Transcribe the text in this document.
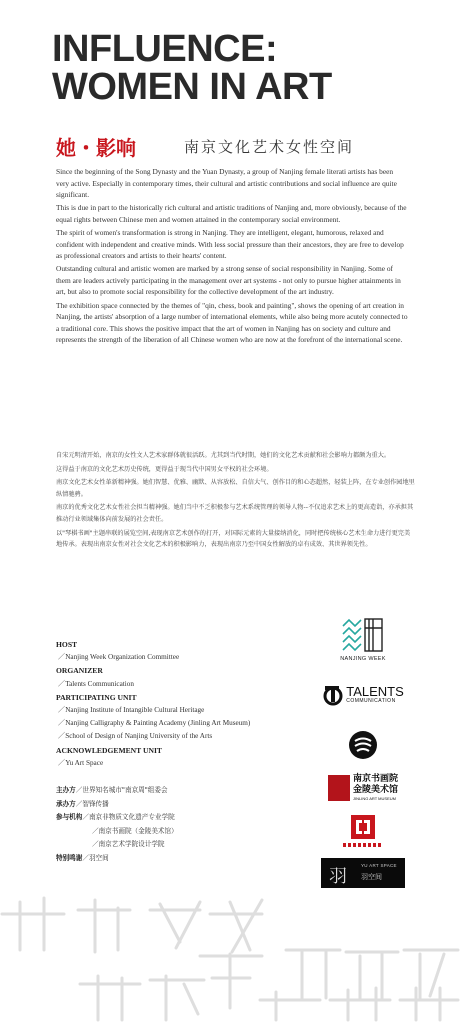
INFLUENCE:
WOMEN IN ART
她・影响	南京文化艺术女性空间

Since the beginning of the Song Dynasty and the Yuan Dynasty, a group of Nanjing female literati artists has been very active. Especially in contemporary times, their cultural and artistic contributions and social influence are quite significant.

This is due in part to the historically rich cultural and artistic traditions of Nanjing and, more obviously, because of the equal rights between Chinese men and women attained in the contemporary social environment.

The spirit of women's transformation is strong in Nanjing. They are intelligent, elegant, humorous, relaxed and confident with independent and creative minds. With less social pressure than their ancestors, they are free to develop as professional creators and artists to their hearts' content.

Outstanding cultural and artistic women are marked by a strong sense of social responsibility in Nanjing. Some of them are leaders actively participating in the management over art systems - not only to pursue higher attainments in art, but also to promote social responsibility for the collective development of the art industry.

The exhibition space connected by the themes of "qin, chess, book and painting", shows the opening of art creation in Nanjing, the artists' absorption of a large number of international elements, while also being more acutely connected to a traditional core. This shows the positive impact that the art of women in Nanjing has on society and culture and represents the strength of the liberation of all Chinese women who are now at the forefront of the international scene.

自宋元明清开始，南京的女性文人艺术家群体就很活跃。尤其到当代时期，她们的文化艺术贡献和社会影响力都颇为重大。

这得益于南京的文化艺术历史传统，更得益于现当代中国男女平权的社会环境。

南京文化艺术女性革新精神强。她们智慧、优雅、幽默、从容放松、自信大气、创作目的和心态超然，轻装上阵，在专业创作园地里纵情驰骋。

南京的优秀文化艺术女性社会担当精神强。她们当中不乏积极参与艺术系统管理的领导人物--不仅追求艺术上的更高造诣，亦承担其推动行业领域集体向前发展的社会责任。

以"琴棋书画"主题串联的展览空间,表现南京艺术创作的打开，对国际元素的大量接纳消化，同时把传统核心艺术生命力进行更完美地传承。表现出南京女性对社会文化艺术的积极影响力，表现出南京乃至中国女性解放的卓有成效、其世界领先性。

HOST
／Nanjing Week Organization Committee
ORGANIZER
／Talents Communication
PARTICIPATING UNIT
／Nanjing Institute of Intangible Cultural Heritage
／Nanjing Calligraphy & Painting Academy (Jinling Art Museum)
／School of Design of Nanjing University of the Arts
ACKNOWLEDGEMENT UNIT
／Yu Art Space
主办方／世界知名城市"南京周"组委会
承办方／智锋传播
参与机构／南京非物质文化遗产专业学院
／南京书画院（金陵美术馆）
／南京艺术学院设计学院
特别鸣谢／羽空间
NANJING WEEK
TALENTS
COMMUNICATION
南京书画院
金陵美术馆
JINLING ART MUSEUM
羽
YU ART SPACE
羽空间
